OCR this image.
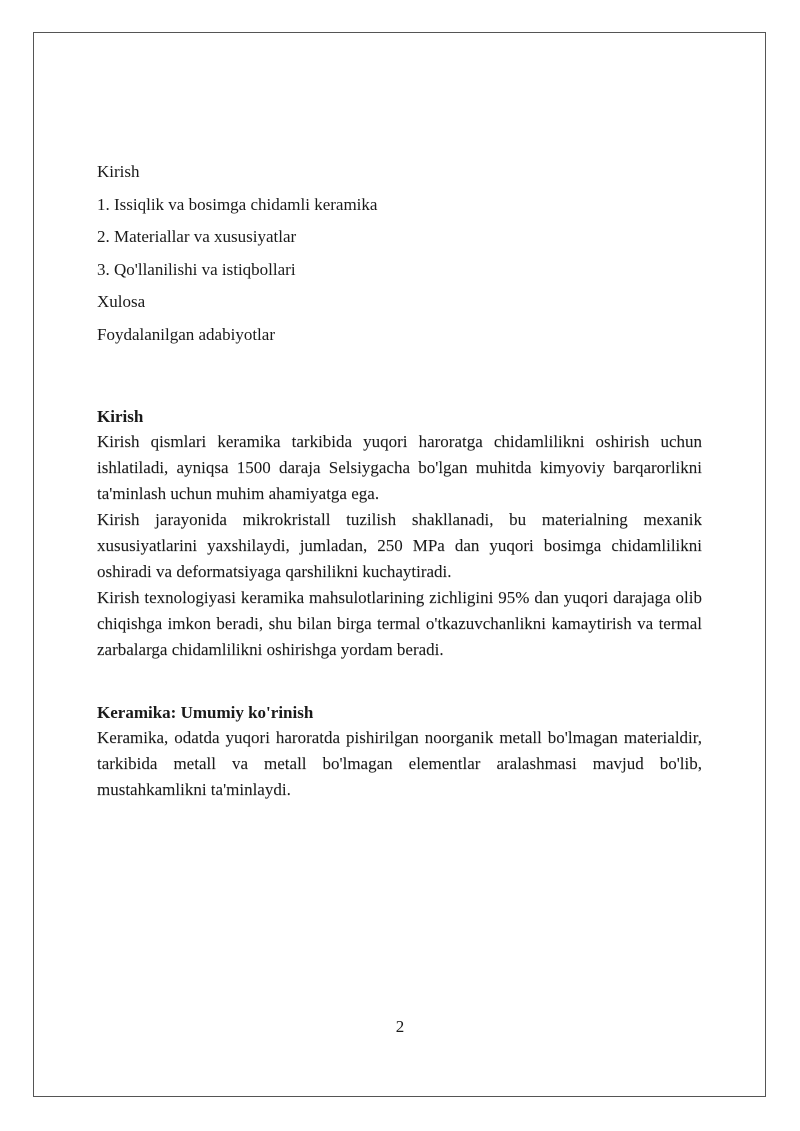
Kirish
1. Issiqlik va bosimga chidamli keramika
2. Materiallar va xususiyatlar
3. Qo'llanilishi va istiqbollari
Xulosa
Foydalanilgan adabiyotlar
Kirish

Kirish qismlari keramika tarkibida yuqori haroratga chidamlilikni oshirish uchun ishlatiladi, ayniqsa 1500 daraja Selsiygacha bo'lgan muhitda kimyoviy barqarorlikni ta'minlash uchun muhim ahamiyatga ega.

Kirish jarayonida mikrokristall tuzilish shakllanadi, bu materialning mexanik xususiyatlarini yaxshilaydi, jumladan, 250 MPa dan yuqori bosimga chidamlilikni oshiradi va deformatsiyaga qarshilikni kuchaytiradi.

Kirish texnologiyasi keramika mahsulotlarining zichligini 95% dan yuqori darajaga olib chiqishga imkon beradi, shu bilan birga termal o'tkazuvchanlikni kamaytirish va termal zarbalarga chidamlilikni oshirishga yordam beradi.

Keramika: Umumiy ko'rinish

Keramika, odatda yuqori haroratda pishirilgan noorganik metall bo'lmagan materialdir, tarkibida metall va metall bo'lmagan elementlar aralashmasi mavjud bo'lib, mustahkamlikni ta'minlaydi.

2
